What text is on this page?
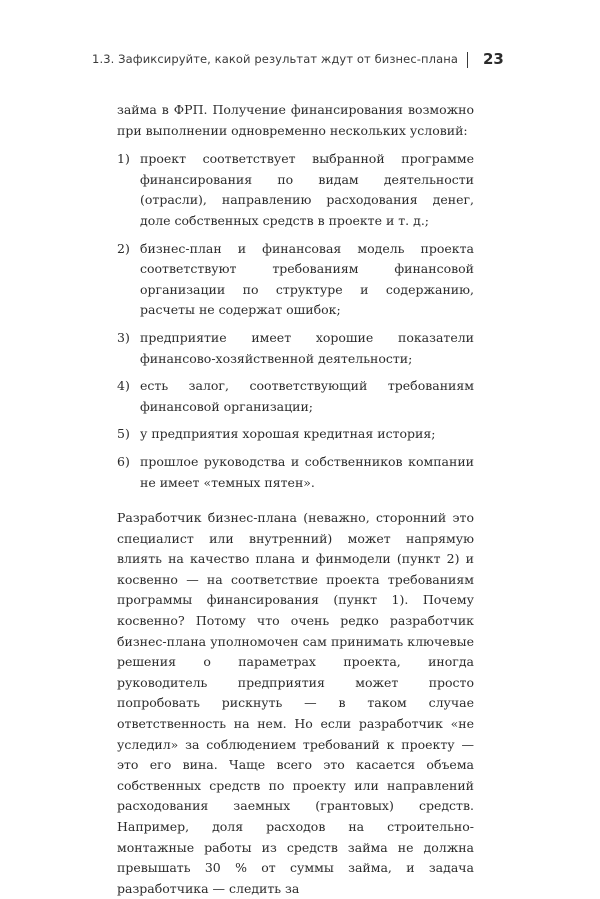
1.3. Зафиксируйте, какой результат ждут от бизнес-плана 23

займа в ФРП. Получение финансирования возможно при выполнении одновременно нескольких условий:

1) проект соответствует выбранной программе финансирования по видам деятельности (отрасли), направлению расходования денег, доле собственных средств в проекте и т. д.;
2) бизнес-план и финансовая модель проекта соответствуют требованиям финансовой организации по структуре и содержанию, расчеты не содержат ошибок;
3) предприятие имеет хорошие показатели финансово-хозяйственной деятельности;
4) есть залог, соответствующий требованиям финансовой организации;
5) у предприятия хорошая кредитная история;
6) прошлое руководства и собственников компании не имеет «темных пятен».

Разработчик бизнес-плана (неважно, сторонний это специалист или внутренний) может напрямую влиять на качество плана и финмодели (пункт 2) и косвенно — на соответствие проекта требованиям программы финансирования (пункт 1). Почему косвенно? Потому что очень редко разработчик бизнес-плана уполномочен сам принимать ключевые решения о параметрах проекта, иногда руководитель предприятия может просто попробовать рискнуть — в таком случае ответственность на нем. Но если разработчик «не уследил» за соблюдением требований к проекту — это его вина. Чаще всего это касается объема собственных средств по проекту или направлений расходования заемных (грантовых) средств. Например, доля расходов на строительно-монтажные работы из средств займа не должна превышать 30 % от суммы займа, и задача разработчика — следить за
